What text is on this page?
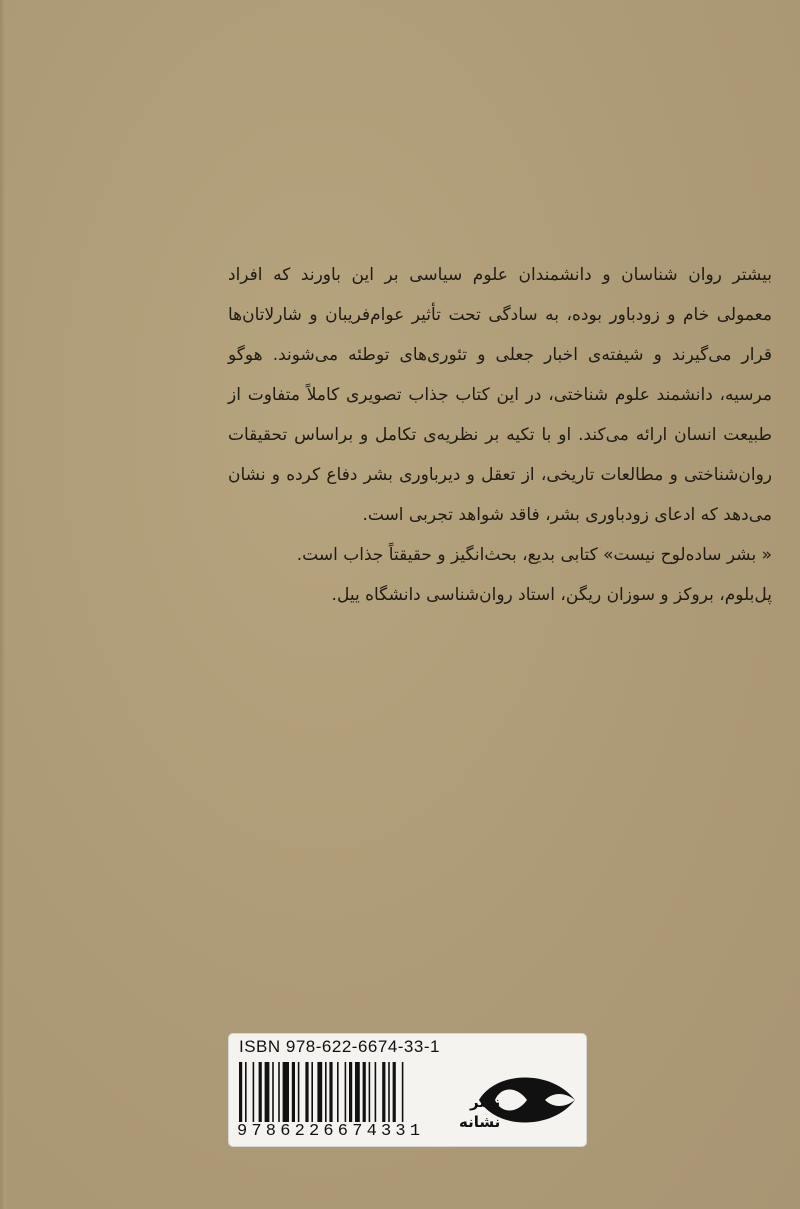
بیشتر روان شناسان و دانشمندان علوم سیاسی بر این باورند که افراد معمولی خام و زودباور بوده، به سادگی تحت تأثیر عوام‌فریبان و شارلاتان‌ها قرار می‌گیرند و شیفته‌ی اخبار جعلی و تئوری‌های توطئه می‌شوند. هوگو مرسیه، دانشمند علوم شناختی، در این کتاب جذاب تصویری کاملاً متفاوت از طبیعت انسان ارائه می‌کند. او با تکیه بر نظریه‌ی تکامل و براساس تحقیقات روان‌شناختی و مطالعات تاریخی، از تعقل و دیرباوری بشر دفاع کرده و نشان می‌دهد که ادعای زودباوری بشر، فاقد شواهد تجربی است.

« بشر ساده‌لوح نیست» کتابی بدیع، بحث‌انگیز و حقیقتاً جذاب است.

پل‌بلوم، بروکز و سوزان ریگن، استاد روان‌شناسی دانشگاه ییل.

ISBN 978-622-6674-33-1
9786226674331
نشر
نشانه
